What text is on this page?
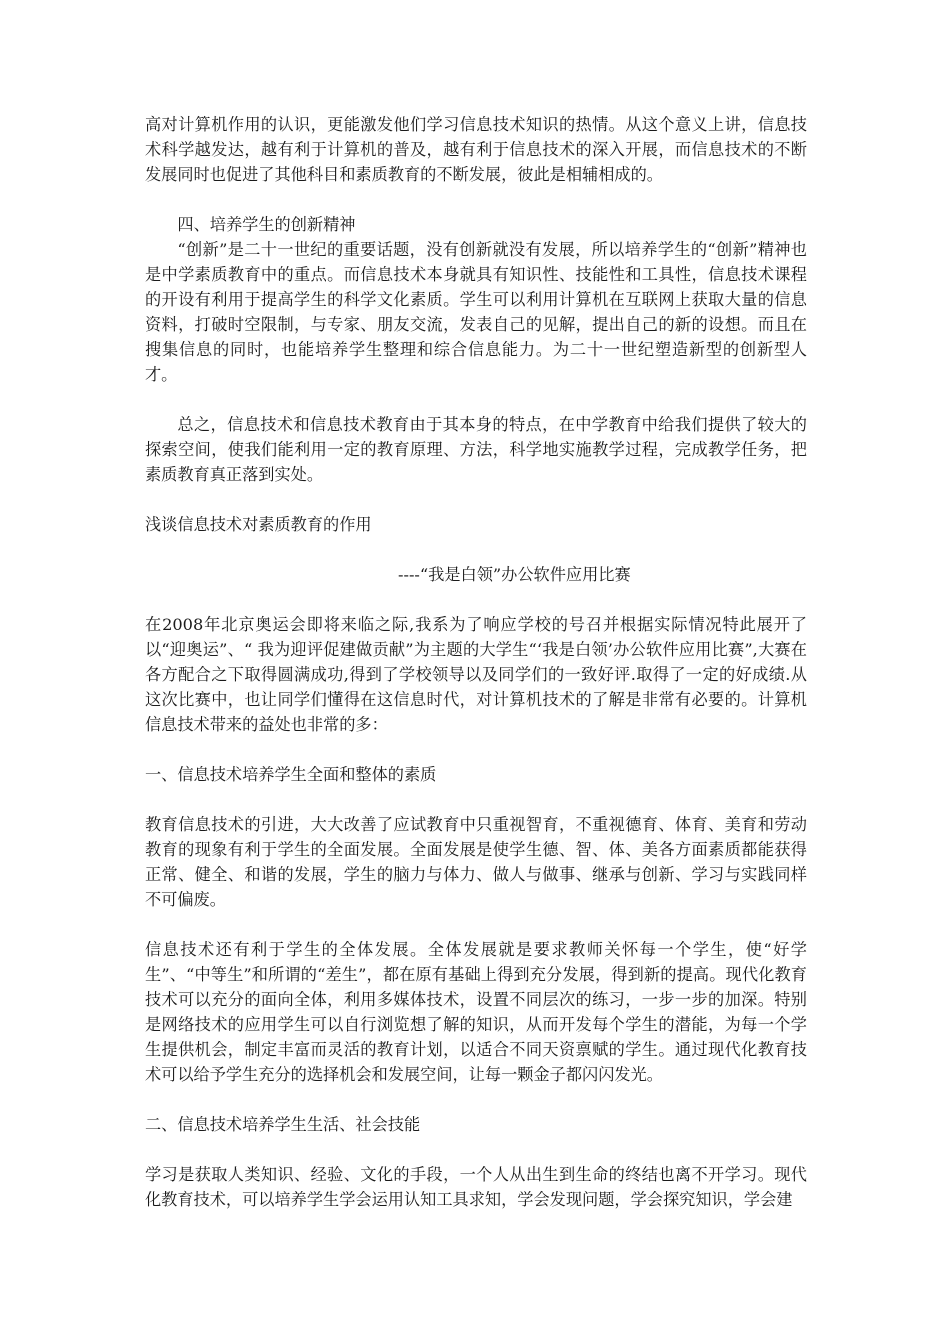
高对计算机作用的认识，更能激发他们学习信息技术知识的热情。从这个意义上讲，信息技术科学越发达，越有利于计算机的普及，越有利于信息技术的深入开展，而信息技术的不断发展同时也促进了其他科目和素质教育的不断发展，彼此是相辅相成的。

四、培养学生的创新精神

“创新”是二十一世纪的重要话题，没有创新就没有发展，所以培养学生的“创新”精神也是中学素质教育中的重点。而信息技术本身就具有知识性、技能性和工具性，信息技术课程的开设有利用于提高学生的科学文化素质。学生可以利用计算机在互联网上获取大量的信息资料，打破时空限制，与专家、朋友交流，发表自己的见解，提出自己的新的设想。而且在搜集信息的同时，也能培养学生整理和综合信息能力。为二十一世纪塑造新型的创新型人才。

总之，信息技术和信息技术教育由于其本身的特点，在中学教育中给我们提供了较大的探索空间，使我们能利用一定的教育原理、方法，科学地实施教学过程，完成教学任务，把素质教育真正落到实处。

浅谈信息技术对素质教育的作用

----“我是白领”办公软件应用比赛

在2008年北京奥运会即将来临之际,我系为了响应学校的号召并根据实际情况特此展开了以“迎奥运”、“ 我为迎评促建做贡献”为主题的大学生“‘我是白领’办公软件应用比赛”,大赛在各方配合之下取得圆满成功,得到了学校领导以及同学们的一致好评.取得了一定的好成绩.从这次比赛中，也让同学们懂得在这信息时代，对计算机技术的了解是非常有必要的。计算机信息技术带来的益处也非常的多：

一、信息技术培养学生全面和整体的素质

教育信息技术的引进，大大改善了应试教育中只重视智育，不重视德育、体育、美育和劳动教育的现象有利于学生的全面发展。全面发展是使学生德、智、体、美各方面素质都能获得正常、健全、和谐的发展，学生的脑力与体力、做人与做事、继承与创新、学习与实践同样不可偏废。

信息技术还有利于学生的全体发展。全体发展就是要求教师关怀每一个学生，使“好学生”、“中等生”和所谓的“差生”，都在原有基础上得到充分发展，得到新的提高。现代化教育技术可以充分的面向全体，利用多媒体技术，设置不同层次的练习，一步一步的加深。特别是网络技术的应用学生可以自行浏览想了解的知识，从而开发每个学生的潜能，为每一个学生提供机会，制定丰富而灵活的教育计划，以适合不同天资禀赋的学生。通过现代化教育技术可以给予学生充分的选择机会和发展空间，让每一颗金子都闪闪发光。

二、信息技术培养学生生活、社会技能

学习是获取人类知识、经验、文化的手段，一个人从出生到生命的终结也离不开学习。现代化教育技术，可以培养学生学会运用认知工具求知，学会发现问题，学会探究知识，学会建
